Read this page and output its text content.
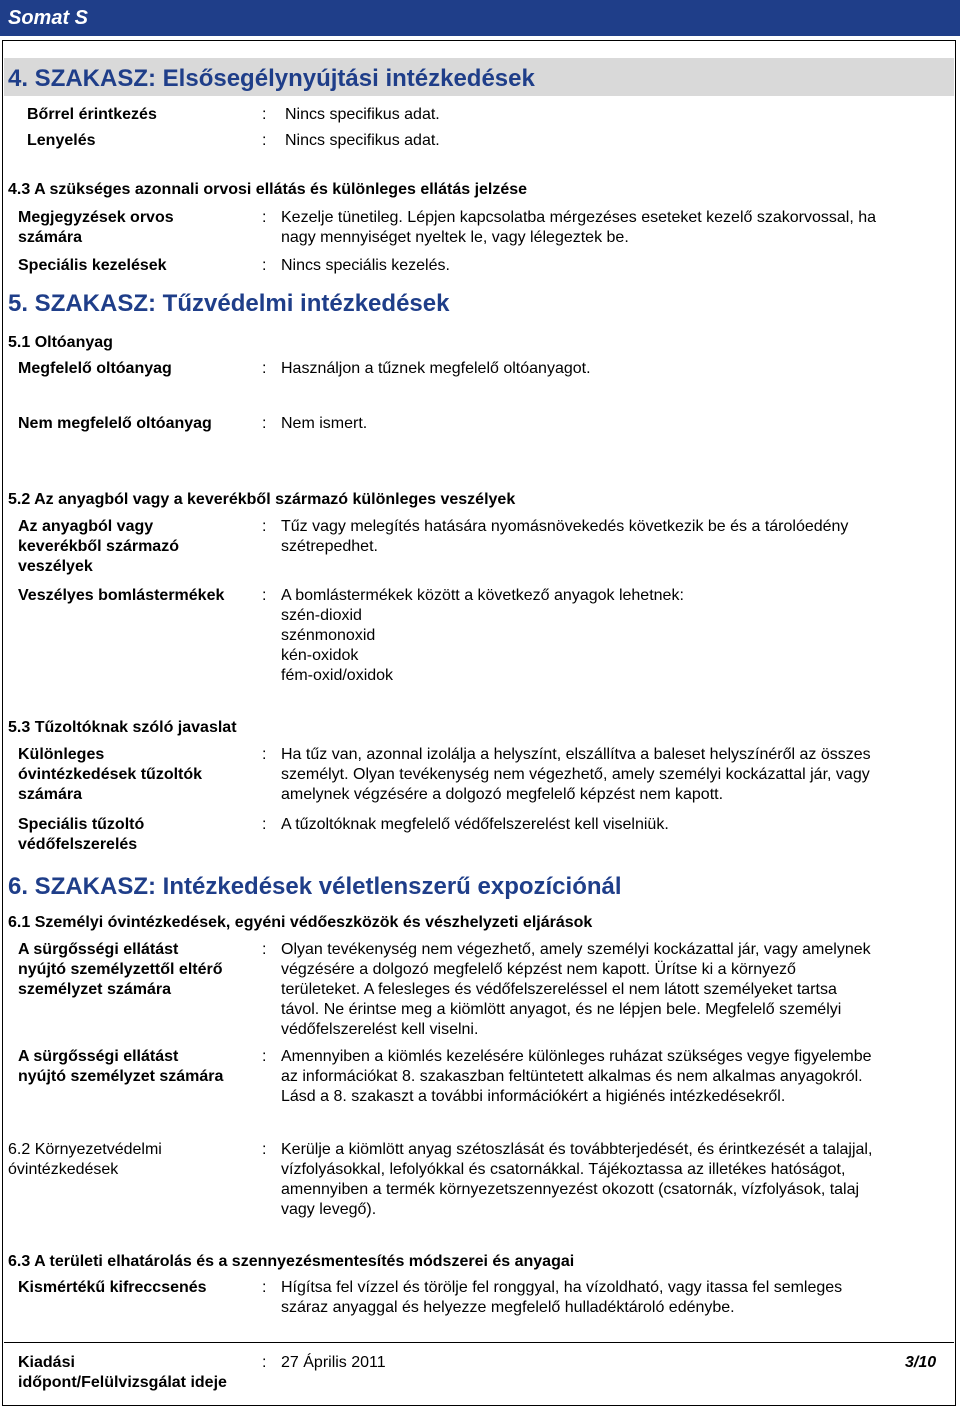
Somat S
4. SZAKASZ: Elsősegélynyújtási intézkedések
Bőrrel érintkezés	: Nincs specifikus adat.
Lenyelés	: Nincs specifikus adat.
4.3 A szükséges azonnali orvosi ellátás és különleges ellátás jelzése
Megjegyzések orvos
számára
: Kezelje tünetileg. Lépjen kapcsolatba mérgezéses eseteket kezelő szakorvossal, ha
nagy mennyiséget nyeltek le, vagy lélegeztek be.
Speciális kezelések	: Nincs speciális kezelés.
5. SZAKASZ: Tűzvédelmi intézkedések
5.1 Oltóanyag
Megfelelő oltóanyag	: Használjon a tűznek megfelelő oltóanyagot.
Nem megfelelő oltóanyag	: Nem ismert.
5.2 Az anyagból vagy a keverékből származó különleges veszélyek
Az anyagból vagy
keverékből származó
veszélyek
: Tűz vagy melegítés hatására nyomásnövekedés következik be és a tárolóedény
szétrepedhet.
Veszélyes bomlástermékek : A bomlástermékek között a következő anyagok lehetnek:
szén-dioxid
szénmonoxid
kén-oxidok
fém-oxid/oxidok
5.3 Tűzoltóknak szóló javaslat
Különleges
óvintézkedések tűzoltók
számára
: Ha tűz van, azonnal izolálja a helyszínt, elszállítva a baleset helyszínéről az összes
személyt. Olyan tevékenység nem végezhető, amely személyi kockázattal jár, vagy
amelynek végzésére a dolgozó megfelelő képzést nem kapott.
Speciális tűzoltó
védőfelszerelés
: A tűzoltóknak megfelelő védőfelszerelést kell viselniük.
6. SZAKASZ: Intézkedések véletlenszerű expozíciónál
6.1 Személyi óvintézkedések, egyéni védőeszközök és vészhelyzeti eljárások
A sürgősségi ellátást
nyújtó személyzettől eltérő
személyzet számára
: Olyan tevékenység nem végezhető, amely személyi kockázattal jár, vagy amelynek
végzésére a dolgozó megfelelő képzést nem kapott. Ürítse ki a környező
területeket. A felesleges és védőfelszereléssel el nem látott személyeket tartsa
távol. Ne érintse meg a kiömlött anyagot, és ne lépjen bele. Megfelelő személyi
védőfelszerelést kell viselni.
A sürgősségi ellátást
nyújtó személyzet számára
: Amennyiben a kiömlés kezelésére különleges ruházat szükséges vegye figyelembe
az információkat 8. szakaszban feltüntetett alkalmas és nem alkalmas anyagokról.
Lásd a 8. szakaszt a további információkért a higiénés intézkedésekről.
6.2 Környezetvédelmi
óvintézkedések
: Kerülje a kiömlött anyag szétoszlását és továbbterjedését, és érintkezését a talajjal,
vízfolyásokkal, lefolyókkal és csatornákkal. Tájékoztassa az illetékes hatóságot,
amennyiben a termék környezetszennyezést okozott (csatornák, vízfolyások, talaj
vagy levegő).
6.3 A területi elhatárolás és a szennyezésmentesítés módszerei és anyagai
Kismértékű kifreccsenés	: Hígítsa fel vízzel és törölje fel ronggyal, ha vízoldható, vagy itassa fel semleges
száraz anyaggal és helyezze megfelelő hulladéktároló edénybe.
Kiadási
időpont/Felülvizsgálat ideje
: 27 Április 2011	3/10
